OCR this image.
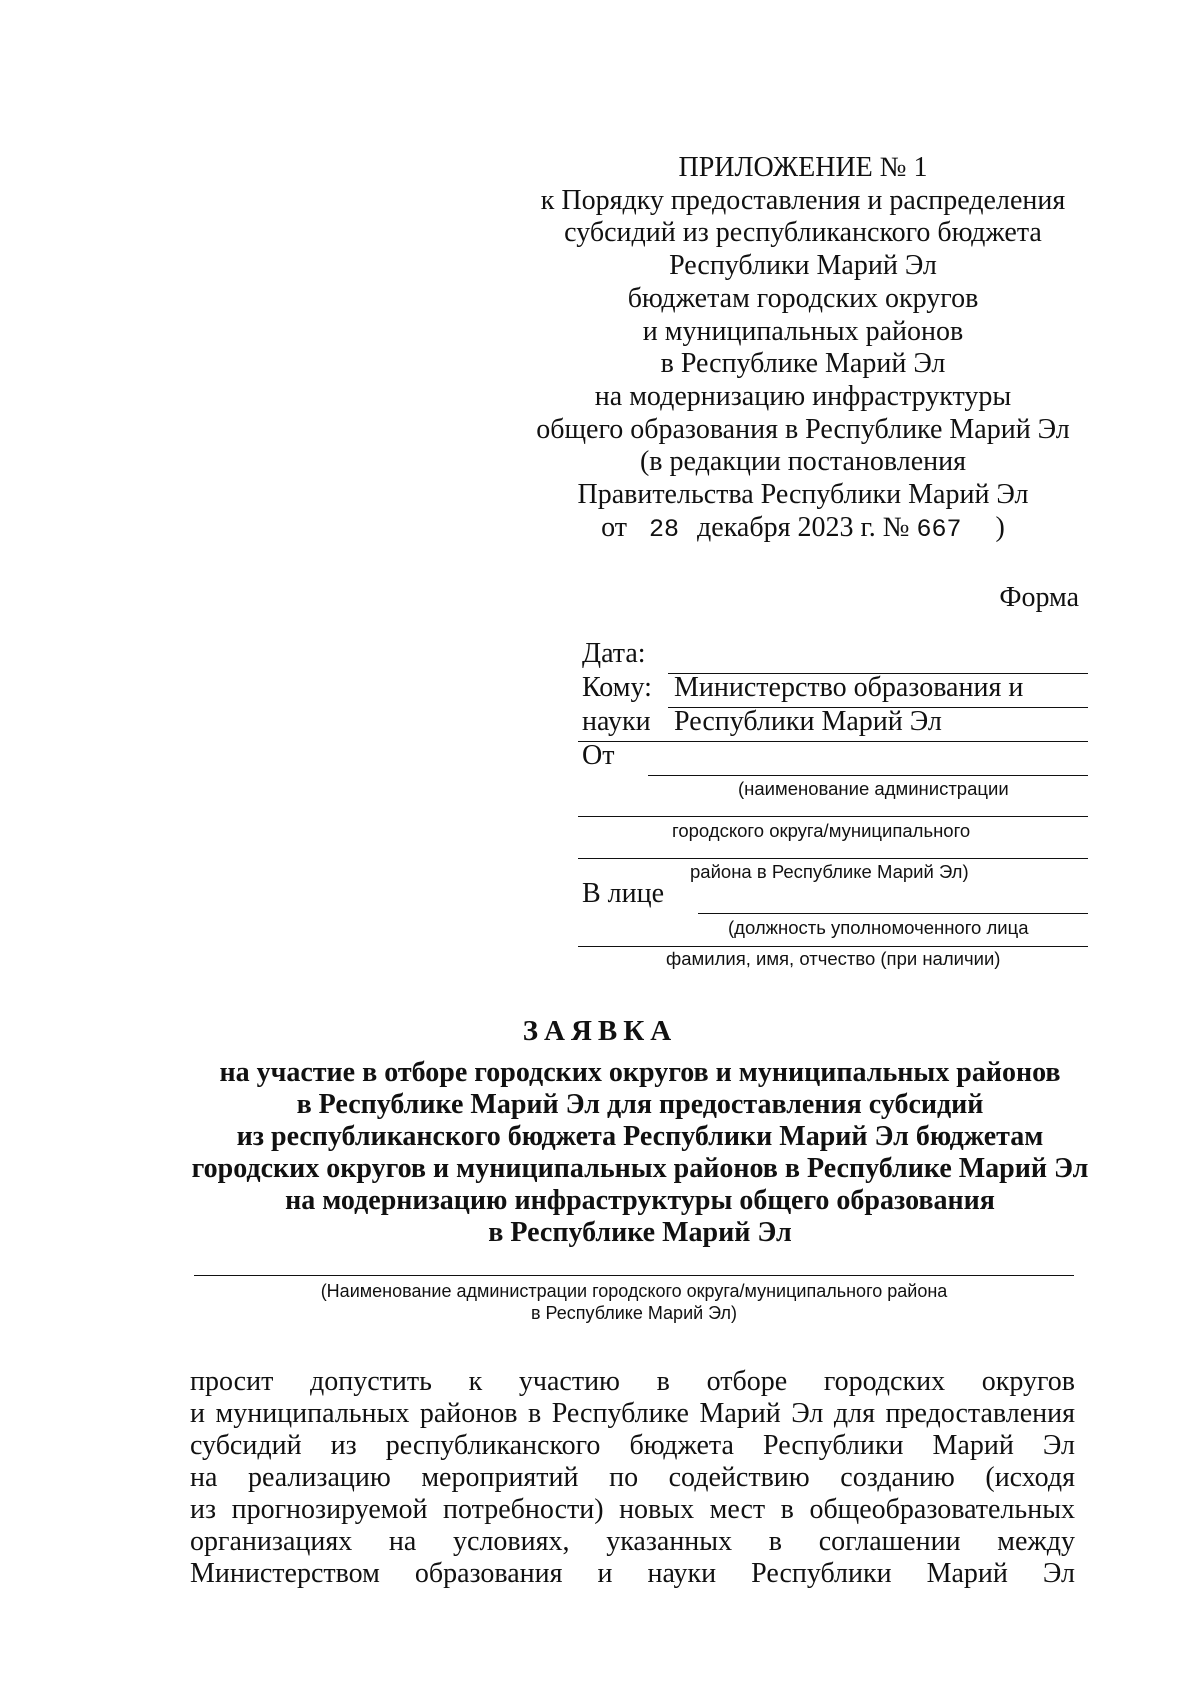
ПРИЛОЖЕНИЕ № 1
к Порядку предоставления и распределения
субсидий из республиканского бюджета
Республики Марий Эл
бюджетам городских округов
и муниципальных районов
в Республике Марий Эл
на модернизацию инфраструктуры
общего образования в Республике Марий Эл
(в редакции постановления
Правительства Республики Марий Эл
от 28 декабря 2023 г. № 667 )
Форма
Дата:
Кому: Министерство образования и
науки Республики Марий Эл
От
(наименование администрации
городского округа/муниципального
района в Республике Марий Эл)
В лице
(должность уполномоченного лица
фамилия, имя, отчество (при наличии)
ЗАЯВКА
на участие в отборе городских округов и муниципальных районов
в Республике Марий Эл для предоставления субсидий
из республиканского бюджета Республики Марий Эл бюджетам
городских округов и муниципальных районов в Республике Марий Эл
на модернизацию инфраструктуры общего образования
в Республике Марий Эл
(Наименование администрации городского округа/муниципального района
в Республике Марий Эл)
просит допустить к участию в отборе городских округов
и муниципальных районов в Республике Марий Эл для предоставления
субсидий из республиканского бюджета Республики Марий Эл
на реализацию мероприятий по содействию созданию (исходя
из прогнозируемой потребности) новых мест в общеобразовательных
организациях на условиях, указанных в соглашении между
Министерством образования и науки Республики Марий Эл
